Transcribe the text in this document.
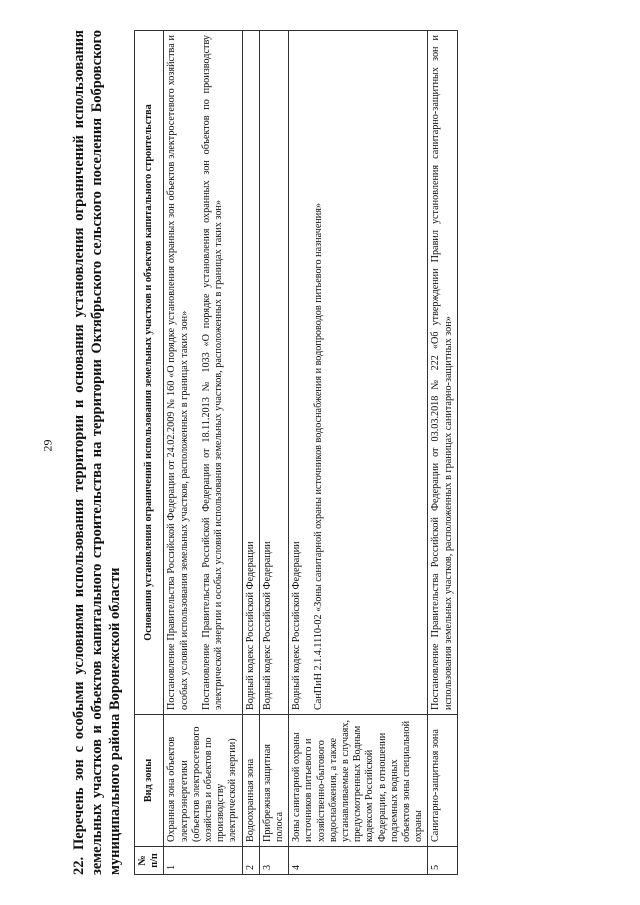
29 22. Перечень зон с особыми условиями использования территории и основания установления ограничений использования земельных участков и объектов капитального строительства на территории Октябрьского сельского поселения Бобровского муниципального района Воронежской области № п/п	Вид зоны	Основания установления ограничений использования земельных участков и объектов капитального строительства
1	Охранная зона объектов электроэнергетики (объектов электросетевого хозяйства и объектов по производству электрической энергии)	Постановление Правительства Российской Федерации от 24.02.2009 № 160 «О порядке установления охранных зон объектов электросетевого хозяйства и особых условий использования земельных участков, расположенных в границах таких зон» Постановление Правительства Российской Федерации от 18.11.2013 № 1033 «О порядке установления охранных зон объектов по производству электрической энергии и особых условий использования земельных участков, расположенных в границах таких зон»

2	Водоохранная зона	Водный кодекс Российской Федерации

3	Прибрежная защитная полоса	Водный кодекс Российской Федерации

4	Зоны санитарной охраны источников питьевого и хозяйственно-бытового водоснабжения, а также устанавливаемые в случаях, предусмотренных Водным кодексом Российской Федерации, в отношении подземных водных объектов зоны специальной охраны	Водный кодекс Российской Федерации СанПиН 2.1.4.1110-02 «Зоны санитарной охраны источников водоснабжения и водопроводов питьевого назначения»

5	Санитарно-защитная зона	Постановление Правительства Российской Федерации от 03.03.2018 № 222 «Об утверждении Правил установления санитарно-защитных зон и использования земельных участков, расположенных в границах санитарно-защитных зон»
